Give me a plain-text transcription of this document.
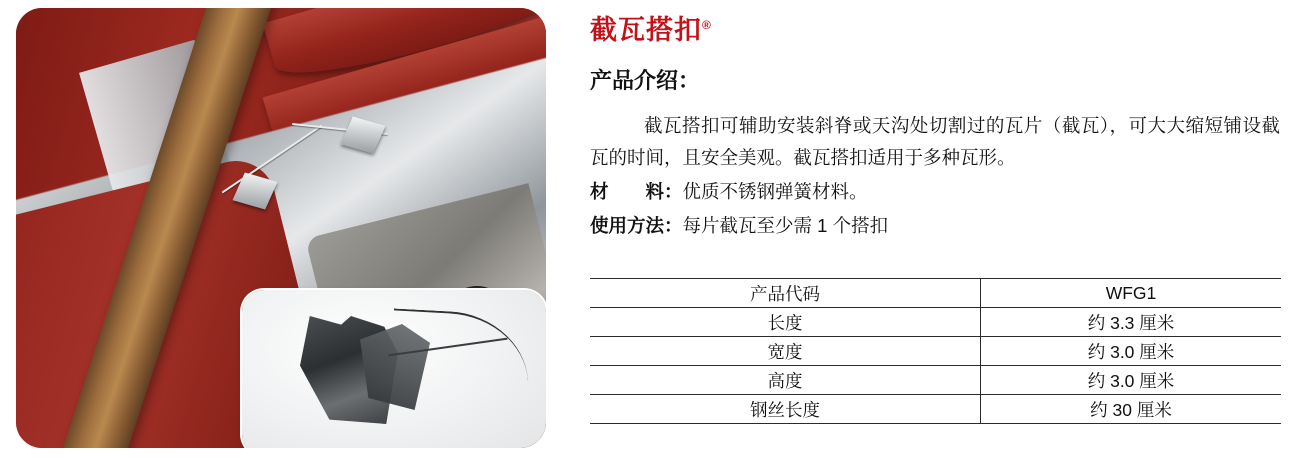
截瓦搭扣®
产品介绍：
截瓦搭扣可辅助安装斜脊或天沟处切割过的瓦片（截瓦），可大大缩短铺设截瓦的时间，且安全美观。截瓦搭扣适用于多种瓦形。
材　　料：优质不锈钢弹簧材料。
使用方法：每片截瓦至少需 1 个搭扣
产品代码	WFG1
长度	约 3.3 厘米
宽度	约 3.0 厘米
高度	约 3.0 厘米
钢丝长度	约 30 厘米
